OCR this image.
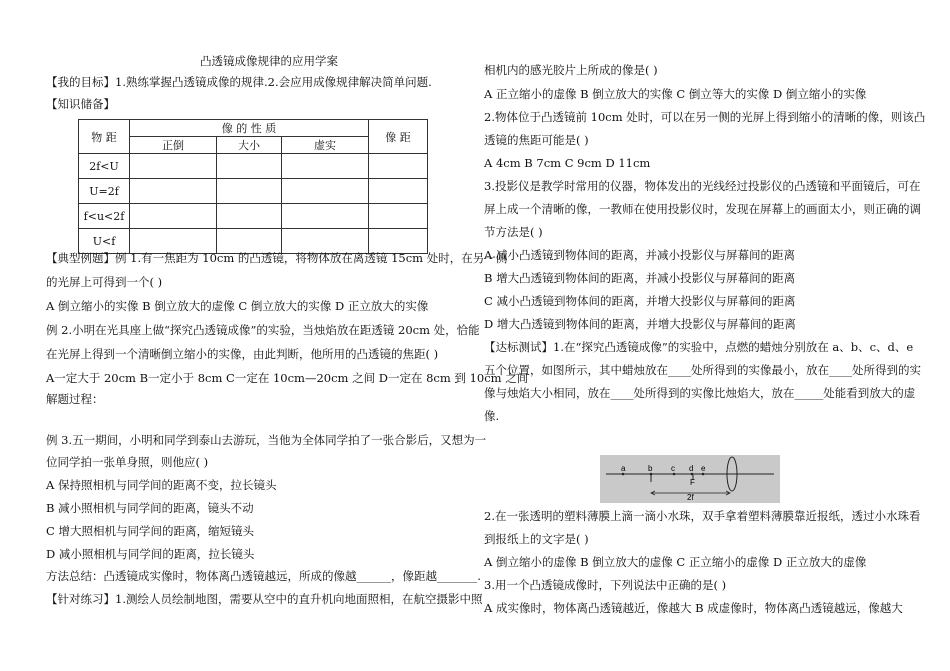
凸透镜成像规律的应用学案
【我的目标】1.熟练掌握凸透镜成像的规律.2.会应用成像规律解决简单问题.
【知识储备】
物 距	像 的 性 质			像 距
	正倒	大小	虚实	
2f<U				
U=2f				
f<u<2f				
U<f				
【典型例题】例 1.有一焦距为 10cm 的凸透镜，将物体放在离透镜 15cm 处时，在另一侧
的光屏上可得到一个( )
A 倒立缩小的实像 B 倒立放大的虚像 C 倒立放大的实像 D 正立放大的实像
例 2.小明在光具座上做“探究凸透镜成像”的实验，当烛焰放在距透镜 20cm 处，恰能
在光屏上得到一个清晰倒立缩小的实像，由此判断，他所用的凸透镜的焦距( )
A一定大于 20cm B一定小于 8cm C一定在 10cm—20cm 之间 D一定在 8cm 到 10cm 之间
解题过程：
例 3.五一期间，小明和同学到泰山去游玩，当他为全体同学拍了一张合影后，又想为一
位同学拍一张单身照，则他应( )
A 保持照相机与同学间的距离不变，拉长镜头
B 减小照相机与同学间的距离，镜头不动
C 增大照相机与同学间的距离，缩短镜头
D 减小照相机与同学间的距离，拉长镜头
方法总结：凸透镜成实像时，物体离凸透镜越远，所成的像越______，像距越_______.
【针对练习】1.测绘人员绘制地图，需要从空中的直升机向地面照相，在航空摄影中照
相机内的感光胶片上所成的像是( )
A 正立缩小的虚像 B 倒立放大的实像 C 倒立等大的实像 D 倒立缩小的实像
2.物体位于凸透镜前 10cm 处时，可以在另一侧的光屏上得到缩小的清晰的像，则该凸
透镜的焦距可能是( )
A 4cm B 7cm C 9cm D 11cm
3.投影仪是教学时常用的仪器，物体发出的光线经过投影仪的凸透镜和平面镜后，可在
屏上成一个清晰的像，一教师在使用投影仪时，发现在屏幕上的画面太小，则正确的调
节方法是( )
A 减小凸透镜到物体间的距离，并减小投影仪与屏幕间的距离
B 增大凸透镜到物体间的距离，并减小投影仪与屏幕间的距离
C 减小凸透镜到物体间的距离，并增大投影仪与屏幕间的距离
D 增大凸透镜到物体间的距离，并增大投影仪与屏幕间的距离
【达标测试】1.在“探究凸透镜成像”的实验中，点燃的蜡烛分别放在 a、b、c、d、e
五个位置，如图所示，其中蜡烛放在____处所得到的实像最小，放在____处所得到的实
像与烛焰大小相同，放在____处所得到的实像比烛焰大，放在_____处能看到放大的虚
像.
a	b c d e
F
2f
2.在一张透明的塑料薄膜上滴一滴小水珠，双手拿着塑料薄膜靠近报纸，透过小水珠看
到报纸上的文字是( )
A 倒立缩小的虚像 B 倒立放大的虚像 C 正立缩小的虚像 D 正立放大的虚像
3.用一个凸透镜成像时，下列说法中正确的是( )
A 成实像时，物体离凸透镜越近，像越大 B 成虚像时，物体离凸透镜越远，像越大
